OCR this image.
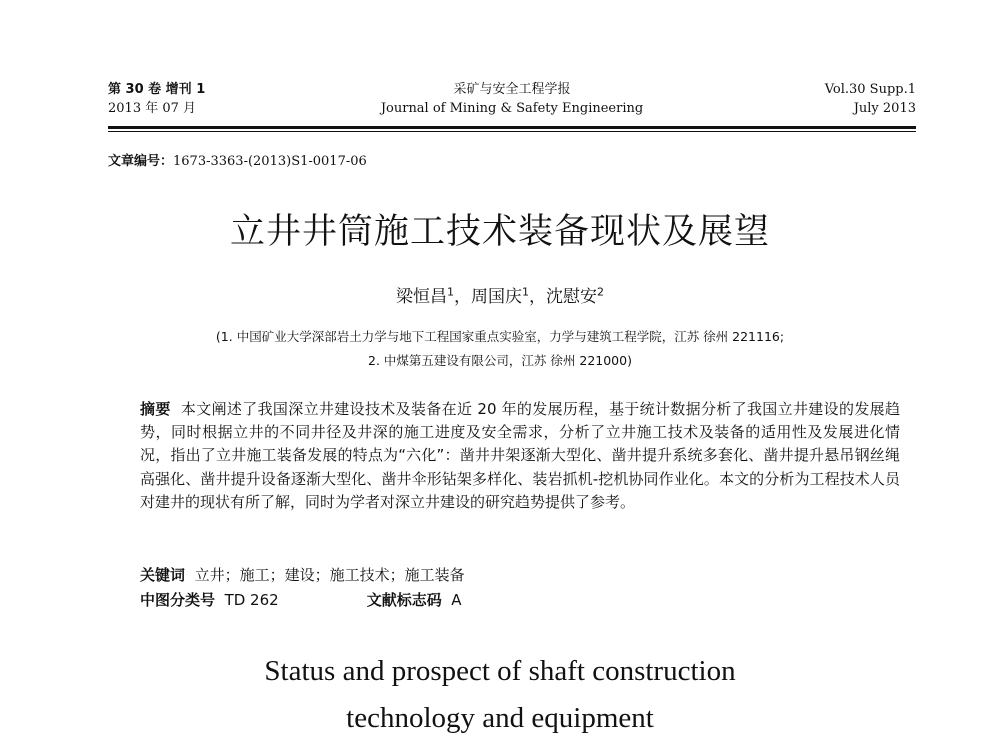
第 30 卷 增刊 1
2013 年 07 月
采矿与安全工程学报
Journal of Mining & Safety Engineering
Vol.30 Supp.1
July 2013
文章编号：1673-3363-(2013)S1-0017-06
立井井筒施工技术装备现状及展望
梁恒昌$^1$，周国庆$^1$，沈慰安$^2$
(1. 中国矿业大学深部岩土力学与地下工程国家重点实验室，力学与建筑工程学院，江苏 徐州 221116;
2. 中煤第五建设有限公司，江苏 徐州 221000)
摘要 本文阐述了我国深立井建设技术及装备在近 20 年的发展历程，基于统计数据分析了我国立井建设的发展趋势，同时根据立井的不同井径及井深的施工进度及安全需求，分析了立井施工技术及装备的适用性及发展进化情况，指出了立井施工装备发展的特点为“六化”：凿井井架逐渐大型化、凿井提升系统多套化、凿井提升悬吊钢丝绳高强化、凿井提升设备逐渐大型化、凿井伞形钻架多样化、装岩抓机-挖机协同作业化。本文的分析为工程技术人员对建井的现状有所了解，同时为学者对深立井建设的研究趋势提供了参考。
关键词 立井；施工；建设；施工技术；施工装备
中图分类号 TD 262	文献标志码 A
Status and prospect of shaft construction
technology and equipment
